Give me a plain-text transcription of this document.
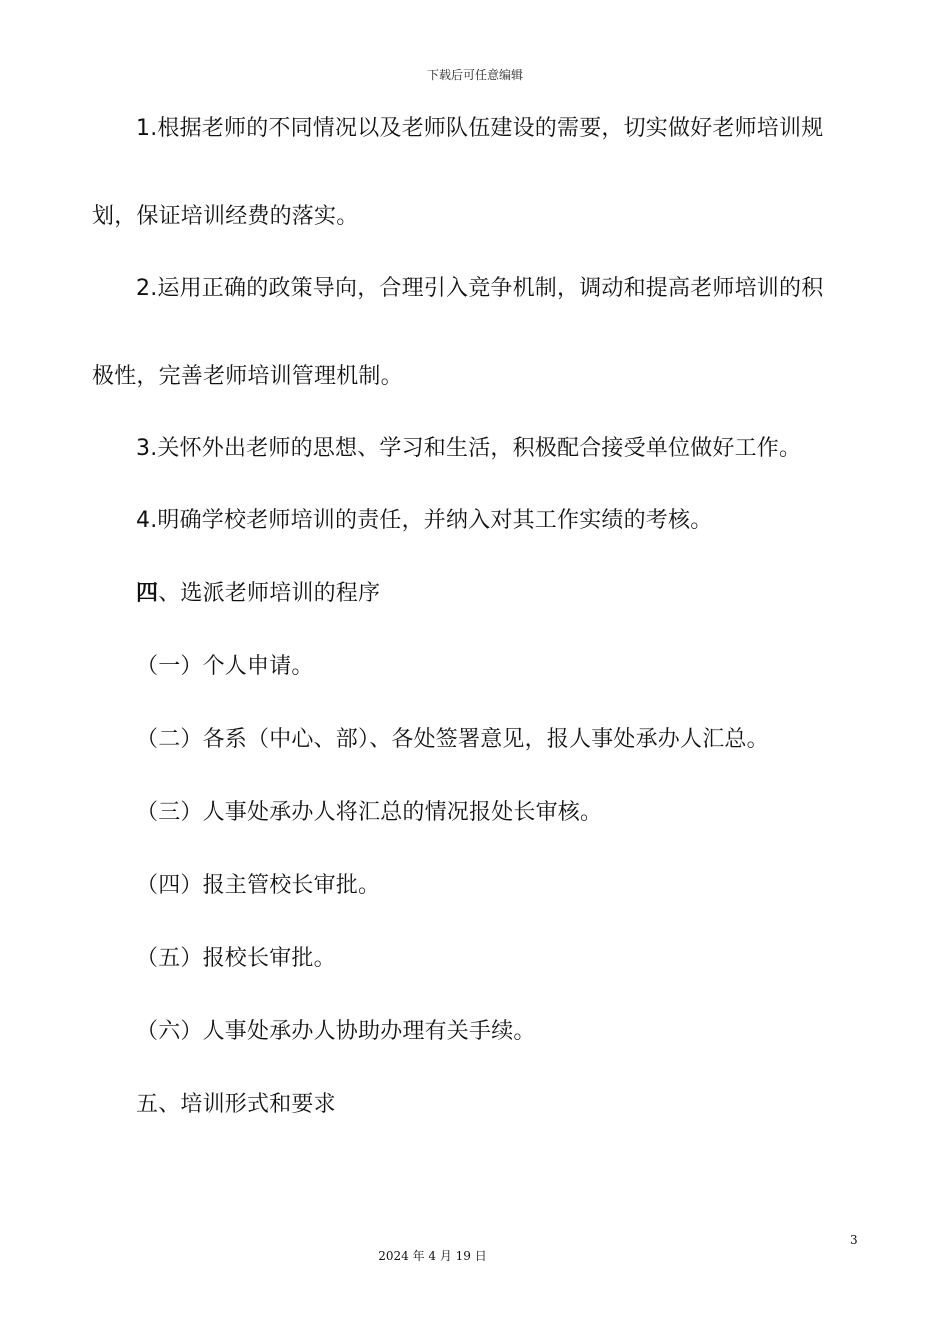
下载后可任意编辑
1.根据老师的不同情况以及老师队伍建设的需要，切实做好老师培训规
划，保证培训经费的落实。
2.运用正确的政策导向，合理引入竞争机制，调动和提高老师培训的积
极性，完善老师培训管理机制。
3.关怀外出老师的思想、学习和生活，积极配合接受单位做好工作。
4.明确学校老师培训的责任，并纳入对其工作实绩的考核。
四、选派老师培训的程序
（一）个人申请。
（二）各系（中心、部）、各处签署意见，报人事处承办人汇总。
（三）人事处承办人将汇总的情况报处长审核。
（四）报主管校长审批。
（五）报校长审批。
（六）人事处承办人协助办理有关手续。
五、培训形式和要求
3
2024 年 4 月 19 日
